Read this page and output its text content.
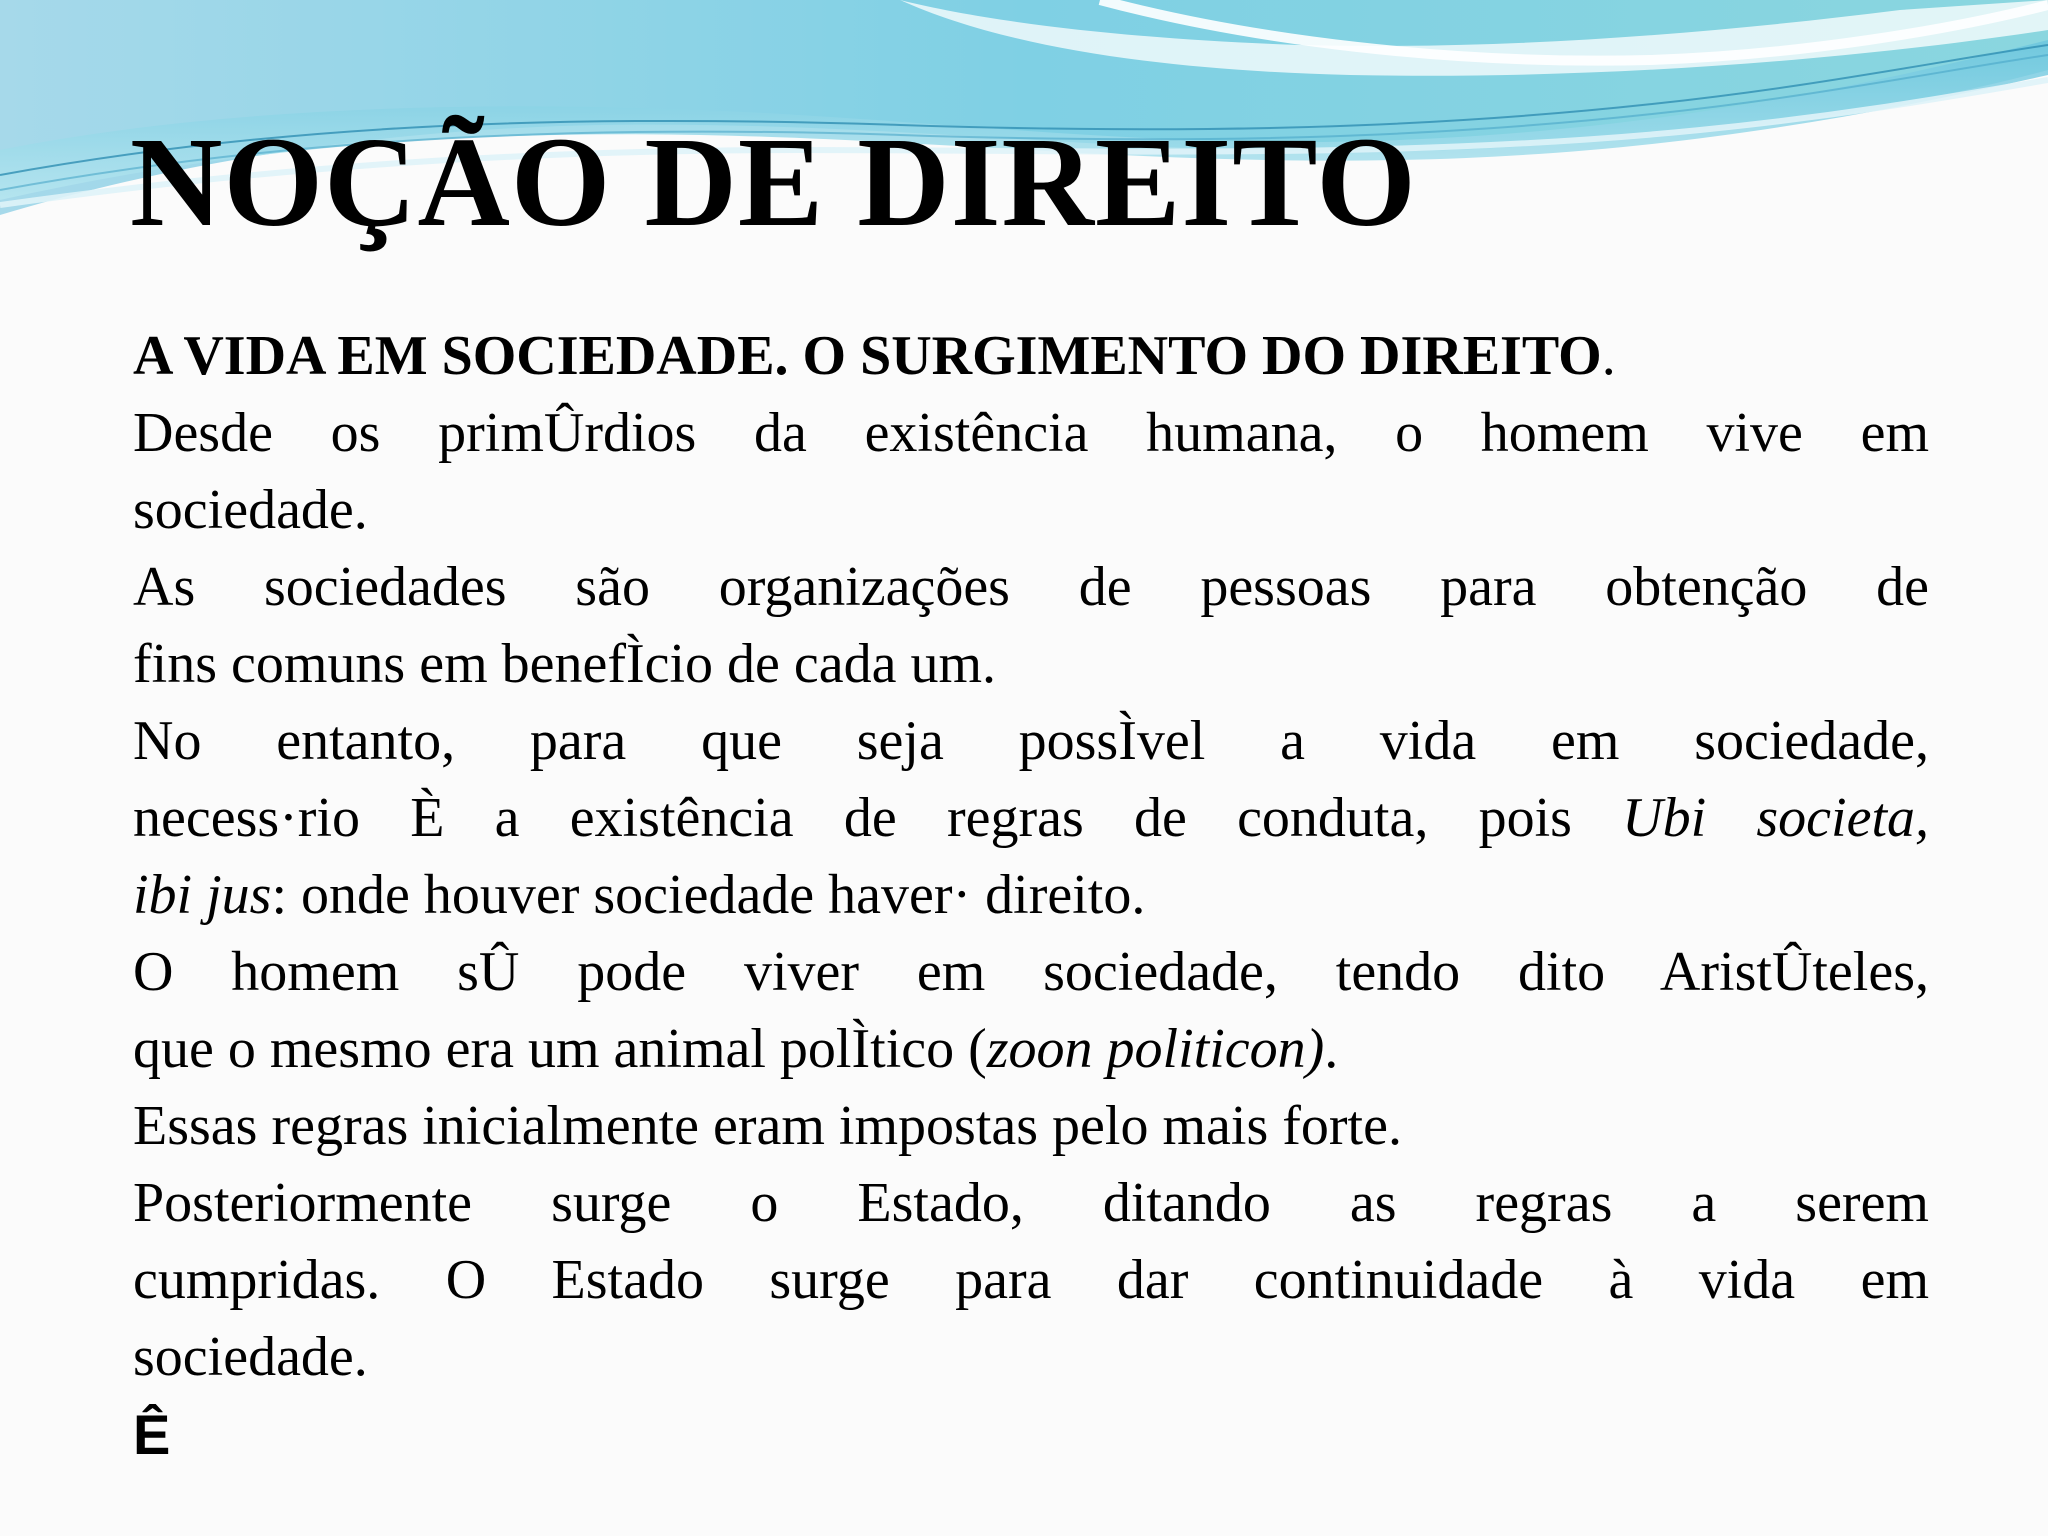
NOÇÃO DE DIREITO
A VIDA EM SOCIEDADE. O SURGIMENTO DO DIREITO.
Desde os primÛrdios da existência humana, o homem vive em
sociedade.
As sociedades são organizações de pessoas para obtenção de
fins comuns em benefÌcio de cada um.
No entanto, para que seja possÌvel a vida em sociedade,
necess·rio È a existência de regras de conduta, pois Ubi societa,
ibi jus: onde houver sociedade haver· direito.
O homem sÛ pode viver em sociedade, tendo dito AristÛteles,
que o mesmo era um animal polÌtico (zoon politicon).
Essas regras inicialmente eram impostas pelo mais forte.
Posteriormente surge o Estado, ditando as regras a serem
cumpridas. O Estado surge para dar continuidade à vida em
sociedade.
Ê
